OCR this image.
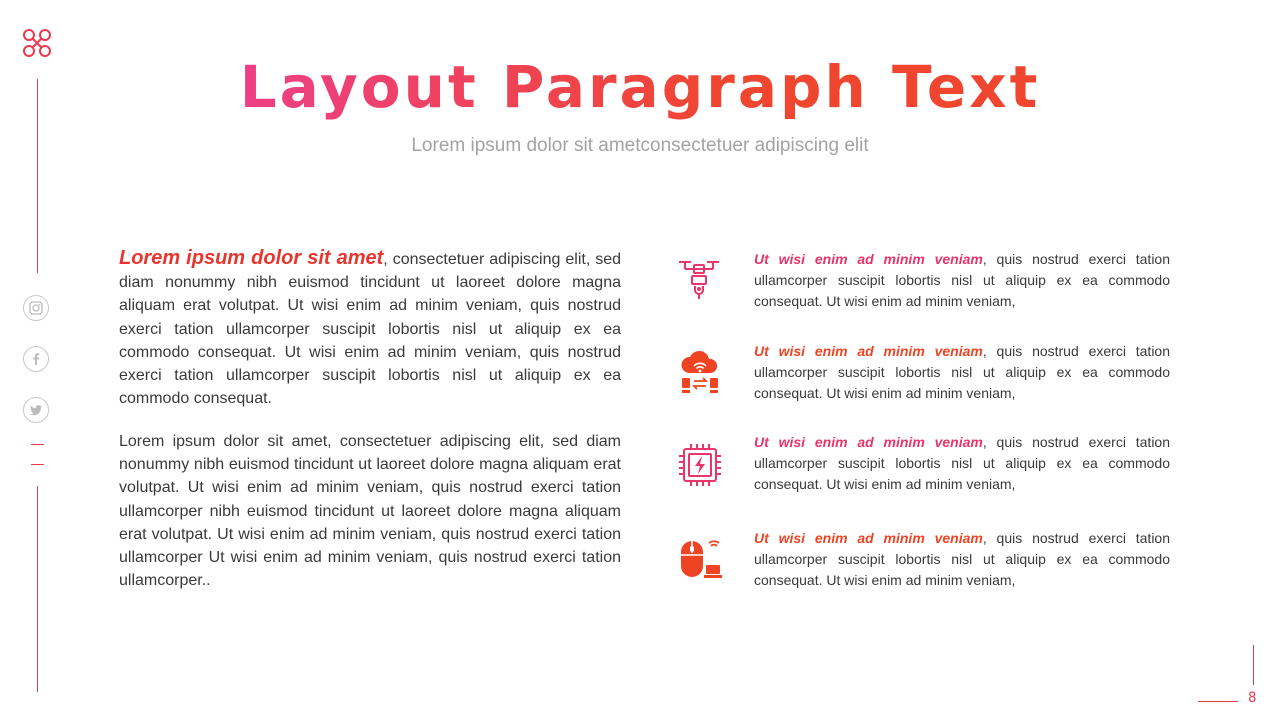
Layout Paragraph Text
Lorem ipsum dolor sit ametconsectetuer adipiscing elit
Lorem ipsum dolor sit amet, consectetuer adipiscing elit, sed diam nonummy nibh euismod tincidunt ut laoreet dolore magna aliquam erat volutpat. Ut wisi enim ad minim veniam, quis nostrud exerci tation ullamcorper suscipit lobortis nisl ut aliquip ex ea commodo consequat. Ut wisi enim ad minim veniam, quis nostrud exerci tation ullamcorper suscipit lobortis nisl ut aliquip ex ea commodo consequat.
Lorem ipsum dolor sit amet, consectetuer adipiscing elit, sed diam nonummy nibh euismod tincidunt ut laoreet dolore magna aliquam erat volutpat. Ut wisi enim ad minim veniam, quis nostrud exerci tation ullamcorper nibh euismod tincidunt ut laoreet dolore magna aliquam erat volutpat. Ut wisi enim ad minim veniam, quis nostrud exerci tation ullamcorper Ut wisi enim ad minim veniam, quis nostrud exerci tation ullamcorper..
Ut wisi enim ad minim veniam, quis nostrud exerci tation ullamcorper suscipit lobortis nisl ut aliquip ex ea commodo consequat. Ut wisi enim ad minim veniam,
Ut wisi enim ad minim veniam, quis nostrud exerci tation ullamcorper suscipit lobortis nisl ut aliquip ex ea commodo consequat. Ut wisi enim ad minim veniam,
Ut wisi enim ad minim veniam, quis nostrud exerci tation ullamcorper suscipit lobortis nisl ut aliquip ex ea commodo consequat. Ut wisi enim ad minim veniam,
Ut wisi enim ad minim veniam, quis nostrud exerci tation ullamcorper suscipit lobortis nisl ut aliquip ex ea commodo consequat. Ut wisi enim ad minim veniam,
8
